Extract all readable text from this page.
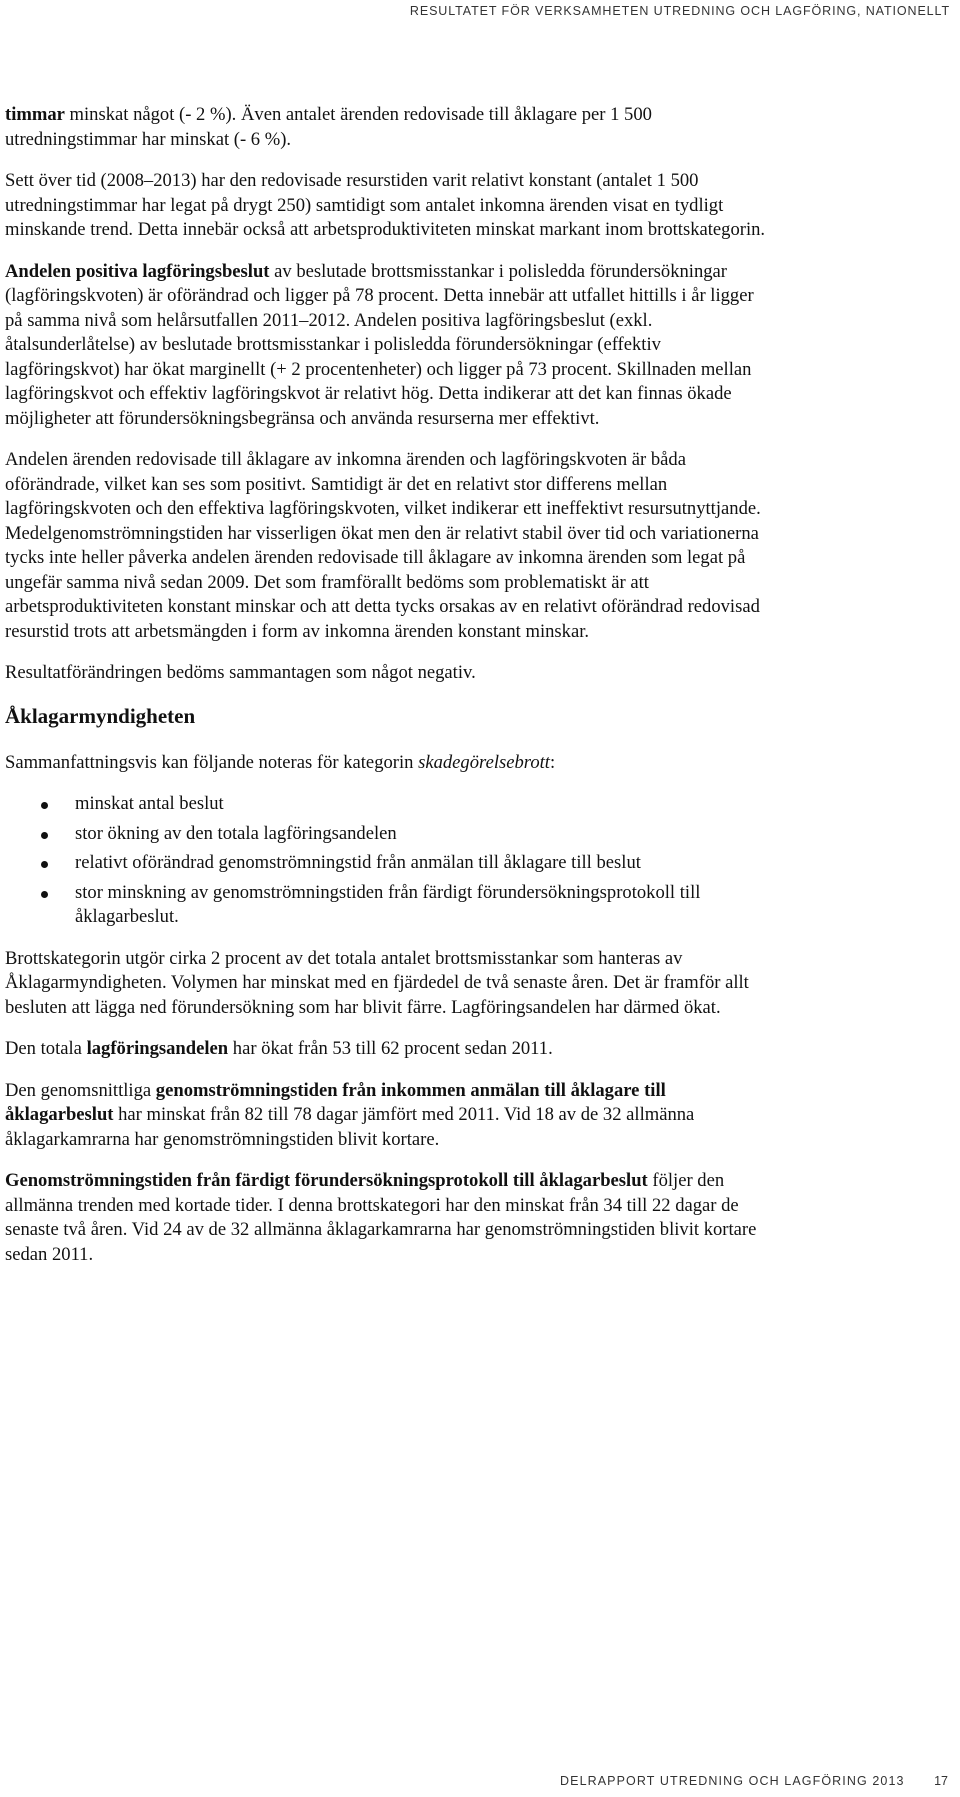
RESULTATET FÖR VERKSAMHETEN UTREDNING OCH LAGFÖRING, NATIONELLT

timmar minskat något (- 2 %). Även antalet ärenden redovisade till åklagare per 1 500 utredningstimmar har minskat (- 6 %).

Sett över tid (2008–2013) har den redovisade resurstiden varit relativt konstant (antalet 1 500 utredningstimmar har legat på drygt 250) samtidigt som antalet inkomna ärenden visat en tydligt minskande trend. Detta innebär också att arbetsproduktiviteten minskat markant inom brottskategorin.

Andelen positiva lagföringsbeslut av beslutade brottsmisstankar i polisledda förundersökningar (lagföringskvoten) är oförändrad och ligger på 78 procent. Detta innebär att utfallet hittills i år ligger på samma nivå som helårsutfallen 2011–2012. Andelen positiva lagföringsbeslut (exkl. åtalsunderlåtelse) av beslutade brottsmisstankar i polisledda förundersökningar (effektiv lagföringskvot) har ökat marginellt (+ 2 procentenheter) och ligger på 73 procent. Skillnaden mellan lagföringskvot och effektiv lagföringskvot är relativt hög. Detta indikerar att det kan finnas ökade möjligheter att förundersökningsbegränsa och använda resurserna mer effektivt.

Andelen ärenden redovisade till åklagare av inkomna ärenden och lagföringskvoten är båda oförändrade, vilket kan ses som positivt. Samtidigt är det en relativt stor differens mellan lagföringskvoten och den effektiva lagföringskvoten, vilket indikerar ett ineffektivt resursutnyttjande. Medelgenomströmningstiden har visserligen ökat men den är relativt stabil över tid och variationerna tycks inte heller påverka andelen ärenden redovisade till åklagare av inkomna ärenden som legat på ungefär samma nivå sedan 2009. Det som framförallt bedöms som problematiskt är att arbetsproduktiviteten konstant minskar och att detta tycks orsakas av en relativt oförändrad redovisad resurstid trots att arbetsmängden i form av inkomna ärenden konstant minskar.

Resultatförändringen bedöms sammantagen som något negativ.

Åklagarmyndigheten

Sammanfattningsvis kan följande noteras för kategorin skadegörelsebrott:

minskat antal beslut
stor ökning av den totala lagföringsandelen
relativt oförändrad genomströmningstid från anmälan till åklagare till beslut
stor minskning av genomströmningstiden från färdigt förundersökningsprotokoll till åklagarbeslut.

Brottskategorin utgör cirka 2 procent av det totala antalet brottsmisstankar som hanteras av Åklagarmyndigheten. Volymen har minskat med en fjärdedel de två senaste åren. Det är framför allt besluten att lägga ned förundersökning som har blivit färre. Lagföringsandelen har därmed ökat.

Den totala lagföringsandelen har ökat från 53 till 62 procent sedan 2011.

Den genomsnittliga genomströmningstiden från inkommen anmälan till åklagare till åklagarbeslut har minskat från 82 till 78 dagar jämfört med 2011. Vid 18 av de 32 allmänna åklagarkamrarna har genomströmningstiden blivit kortare.

Genomströmningstiden från färdigt förundersökningsprotokoll till åklagarbeslut följer den allmänna trenden med kortade tider. I denna brottskategori har den minskat från 34 till 22 dagar de senaste två åren. Vid 24 av de 32 allmänna åklagarkamrarna har genomströmningstiden blivit kortare sedan 2011.

DELRAPPORT UTREDNING OCH LAGFÖRING 2013 17
